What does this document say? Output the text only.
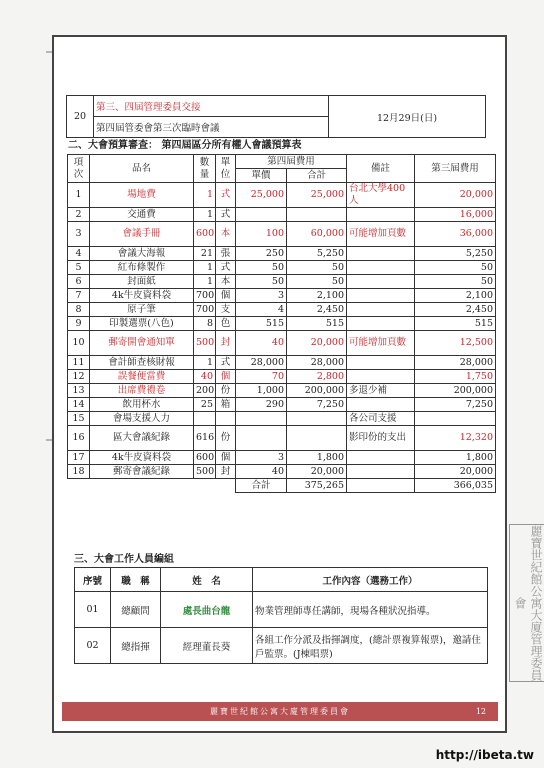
20	第三、四屆管理委員交接	12月29日(日)
第四屆管委會第三次臨時會議
二、大會預算審查： 第四屆區分所有權人會議預算表
項次	品名	數量	單位	第四屆費用		備註	第三屆費用
				單價	合計		
1	場地費	1	式	25,000	25,000	台北大學400人	20,000
2	交通費	1	式				16,000
3	會議手冊	600	本	100	60,000	可能增加頁數	36,000
4	會議大海報	21	張	250	5,250		5,250
5	紅布條製作	1	式	50	50		50
6	封面紙	1	本	50	50		50
7	4k牛皮資料袋	700	個	3	2,100		2,100
8	原子筆	700	支	4	2,450		2,450
9	印製選票(八色)	8	色	515	515		515
10	郵寄開會通知單	500	封	40	20,000	可能增加頁數	12,500
11	會計師查核財報	1	式	28,000	28,000		28,000
12	誤餐便當費	40	個	70	2,800		1,750
13	出席費禮卷	200	份	1,000	200,000	多退少補	200,000
14	飲用杯水	25	箱	290	7,250		7,250
15	會場支援人力					各公司支援	
16	區大會議紀錄	616	份			影印份的支出	12,320
17	4k牛皮資料袋	600	個	3	1,800		1,800
18	郵寄會議紀錄	500	封	40	20,000		20,000
				合計	375,265		366,035
三、大會工作人員編組
序號	職　稱	姓　名	工作內容（選務工作）
01	總顧問	處長曲台龍	物業管理師專任講師，現場各種狀況指導。
02	總指揮	經理董長葵	各組工作分派及指揮調度，(總計票複算報票)，邀請住戶監票。(J棟唱票)
麗寶世紀館公寓大廈管理委員會	12
麗寶世紀館公寓大廈管理委員會
http://ibeta.tw
